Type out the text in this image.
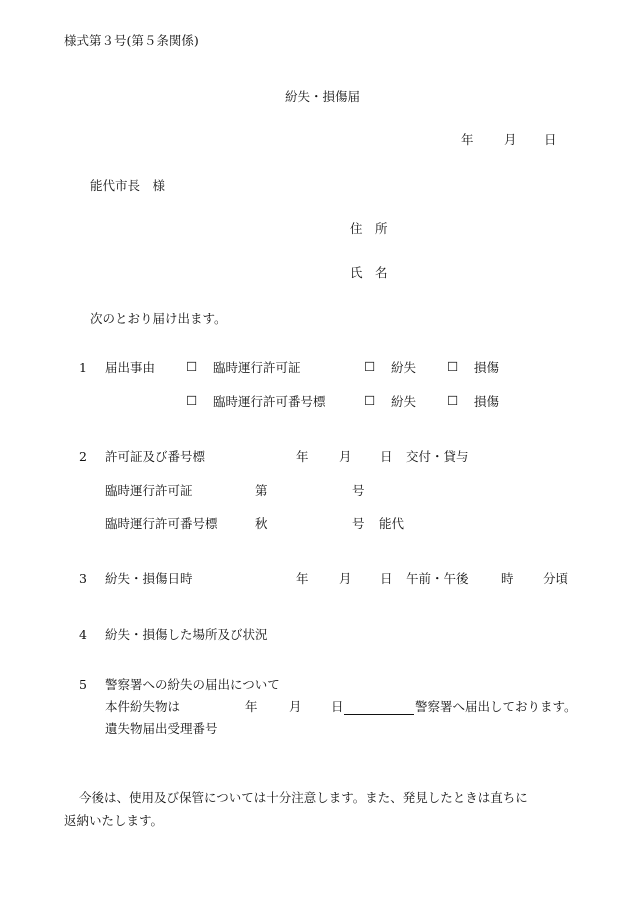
様式第３号(第５条関係)
紛失・損傷届
年 月 日
能代市長　様
住　所
氏　名
次のとおり届け出ます。
1 届出事由 ☐ 臨時運行許可証	☐ 紛失 ☐ 損傷
☐ 臨時運行許可番号標	☐ 紛失 ☐ 損傷
2 許可証及び番号標	年 月 日 交付・貸与
臨時運行許可証	第	号
臨時運行許可番号標	秋	号 能代
3 紛失・損傷日時	年 月 日 午前・午後	時 分頃
4 紛失・損傷した場所及び状況
5 警察署への紛失の届出について
本件紛失物は	年	月 日	警察署へ届出しております。
遺失物届出受理番号
今後は、使用及び保管については十分注意します。また、発見したときは直ちに
返納いたします。
